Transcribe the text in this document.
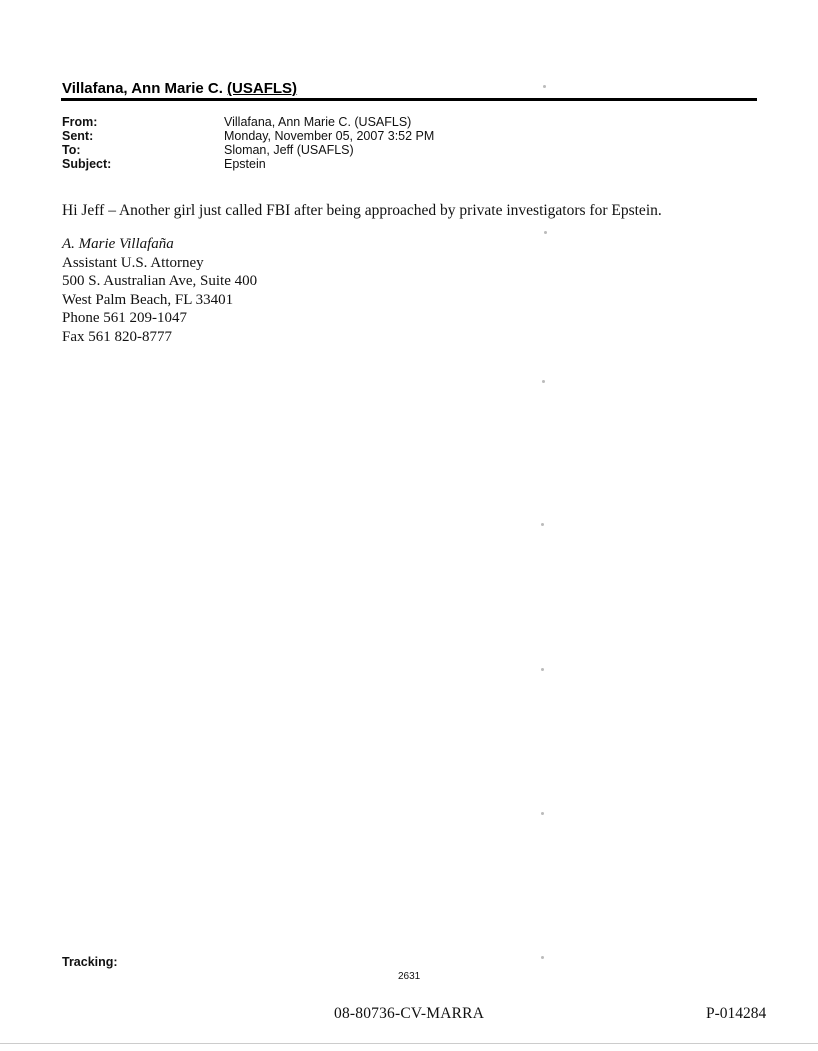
Villafana, Ann Marie C. (USAFLS)
From:	Villafana, Ann Marie C. (USAFLS)
Sent:	Monday, November 05, 2007 3:52 PM
To:	Sloman, Jeff (USAFLS)
Subject:	Epstein
Hi Jeff – Another girl just called FBI after being approached by private investigators for Epstein.
A. Marie Villafaña
Assistant U.S. Attorney
500 S. Australian Ave, Suite 400
West Palm Beach, FL 33401
Phone 561 209-1047
Fax 561 820-8777
Tracking:
2631
08-80736-CV-MARRA	P-014284
